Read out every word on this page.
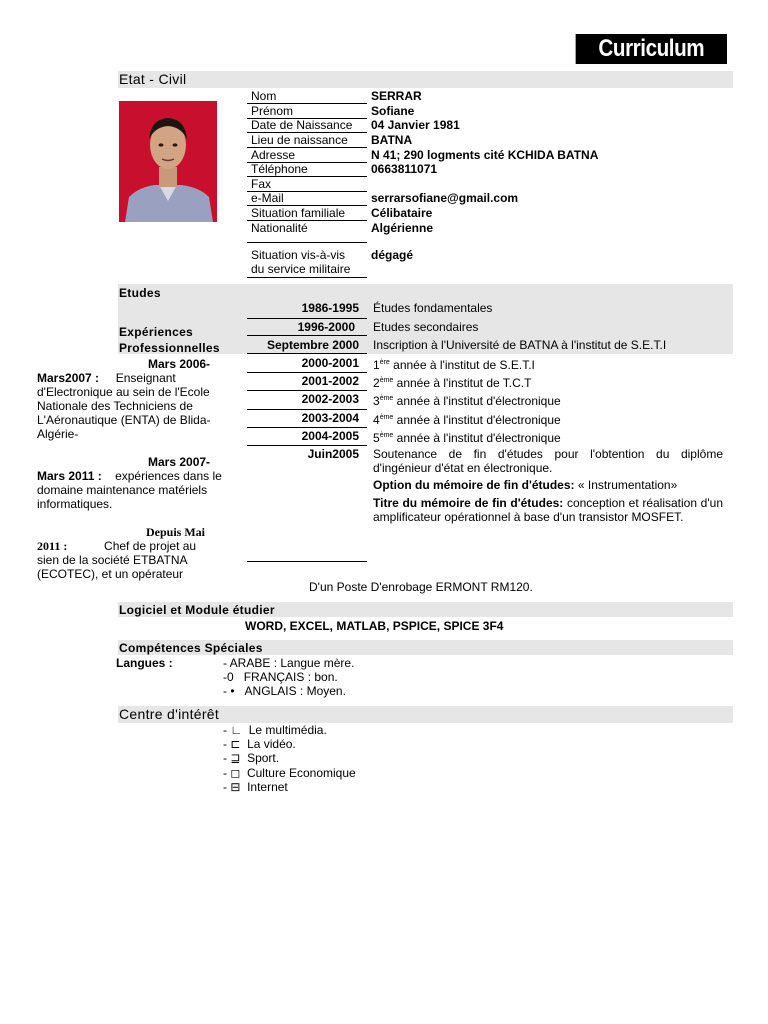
Curriculum
Etat - Civil
Nom	SERRAR
Prénom	Sofiane
Date de Naissance	04 Janvier 1981
Lieu de naissance	BATNA
Adresse	N 41; 290 logments cité KCHIDA BATNA
Téléphone	0663811071
Fax
e-Mail	serrarsofiane@gmail.com
Situation familiale	Célibataire
Nationalité	Algérienne
Situation vis-à-vis
du service militaire
dégagé
Etudes
Expériences
Professionnelles
1986-1995 Études fondamentales
1996-2000 Etudes secondaires
Septembre 2000 Inscription à l'Université de BATNA à l'institut de S.E.T.I
2000-2001 1ère année à l'institut de S.E.T.I
2001-2002 2ème année à l'institut de T.C.T
2002-2003 3ème année à l'institut d'électronique
2003-2004 4ème année à l'institut d'électronique
2004-2005 5ème année à l'institut d'électronique
Juin2005 Soutenance de fin d'études pour l'obtention du diplôme d'ingénieur d'état en électronique.
Option du mémoire de fin d'études: « Instrumentation»
Titre du mémoire de fin d'études: conception et réalisation d'un amplificateur opérationnel à base d'un transistor MOSFET.
Mars 2006-
Mars2007 : Enseignant
d'Electronique au sein de l'Ecole Nationale des Techniciens de L'Aéronautique (ENTA) de Blida-Algérie-
Mars 2007-
Mars 2011 : expériences dans le
domaine maintenance matériels informatiques.
Depuis Mai
2011 :	Chef de projet au
sien de la société ETBATNA (ECOTEC), et un opérateur
D'un Poste D'enrobage ERMONT RM120.
Logiciel et Module étudier
WORD, EXCEL, MATLAB, PSPICE, SPICE 3F4
Compétences Spéciales
Langues :	- ARABE : Langue mère.
-0   FRANÇAIS : bon.
- •   ANGLAIS : Moyen.
Centre d'intérêt
- ∟ Le multimédia.
- ⊏ La vidéo.
- ⊒ Sport.
- ◻ Culture Economique
- ⊟ Internet
